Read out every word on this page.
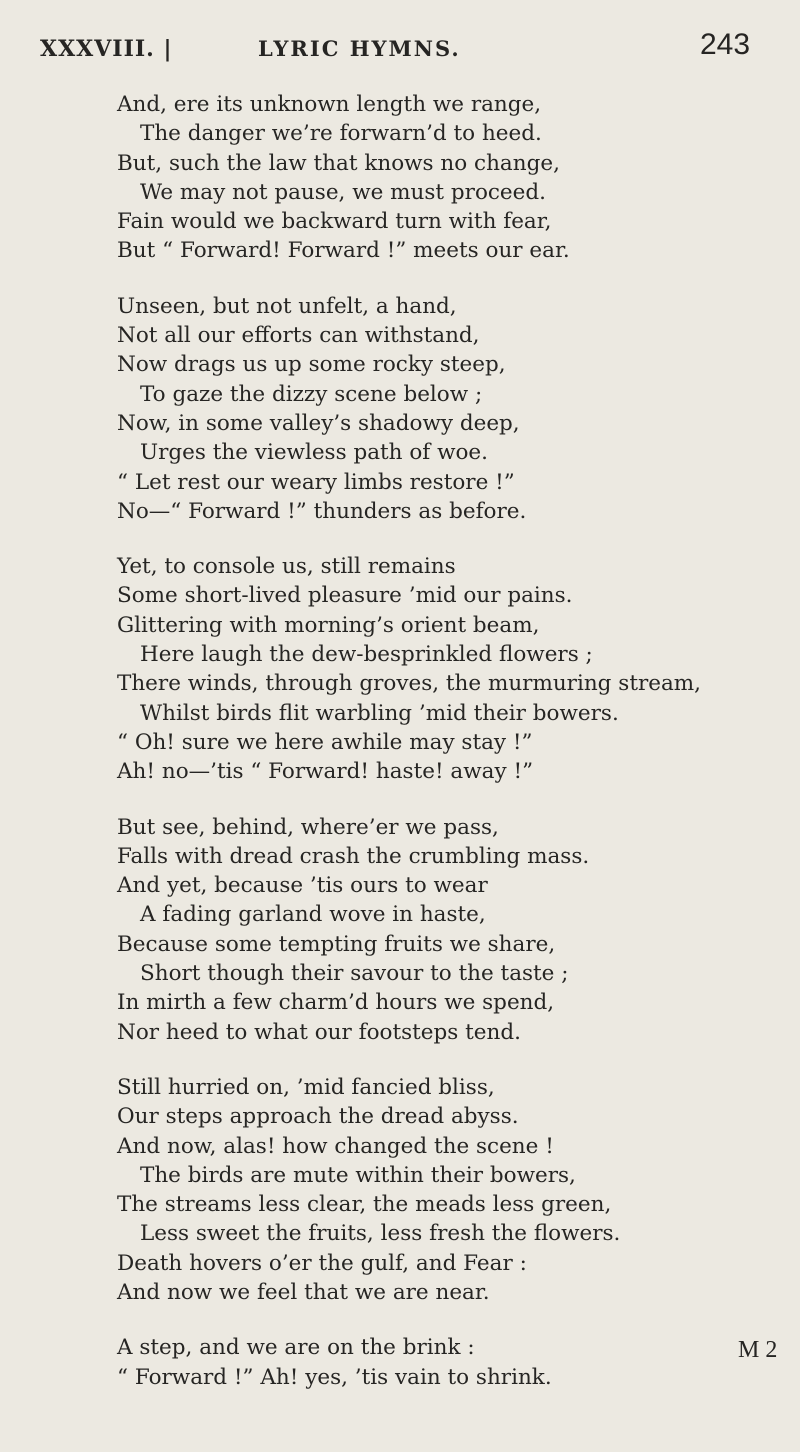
XXXVIII. |	LYRIC HYMNS.	243
And, ere its unknown length we range,
The danger we’re forwarn’d to heed.
But, such the law that knows no change,
We may not pause, we must proceed.
Fain would we backward turn with fear,
But “ Forward! Forward !” meets our ear.
Unseen, but not unfelt, a hand,
Not all our efforts can withstand,
Now drags us up some rocky steep,
To gaze the dizzy scene below ;
Now, in some valley’s shadowy deep,
Urges the viewless path of woe.
“ Let rest our weary limbs restore !”
No—“ Forward !” thunders as before.
Yet, to console us, still remains
Some short-lived pleasure ’mid our pains.
Glittering with morning’s orient beam,
Here laugh the dew-besprinkled flowers ;
There winds, through groves, the murmuring stream,
Whilst birds flit warbling ’mid their bowers.
“ Oh! sure we here awhile may stay !”
Ah! no—’tis “ Forward! haste! away !”
But see, behind, where’er we pass,
Falls with dread crash the crumbling mass.
And yet, because ’tis ours to wear
A fading garland wove in haste,
Because some tempting fruits we share,
Short though their savour to the taste ;
In mirth a few charm’d hours we spend,
Nor heed to what our footsteps tend.
Still hurried on, ’mid fancied bliss,
Our steps approach the dread abyss.
And now, alas! how changed the scene !
The birds are mute within their bowers,
The streams less clear, the meads less green,
Less sweet the fruits, less fresh the flowers.
Death hovers o’er the gulf, and Fear :
And now we feel that we are near.
A step, and we are on the brink :
“ Forward !” Ah! yes, ’tis vain to shrink.
M 2
